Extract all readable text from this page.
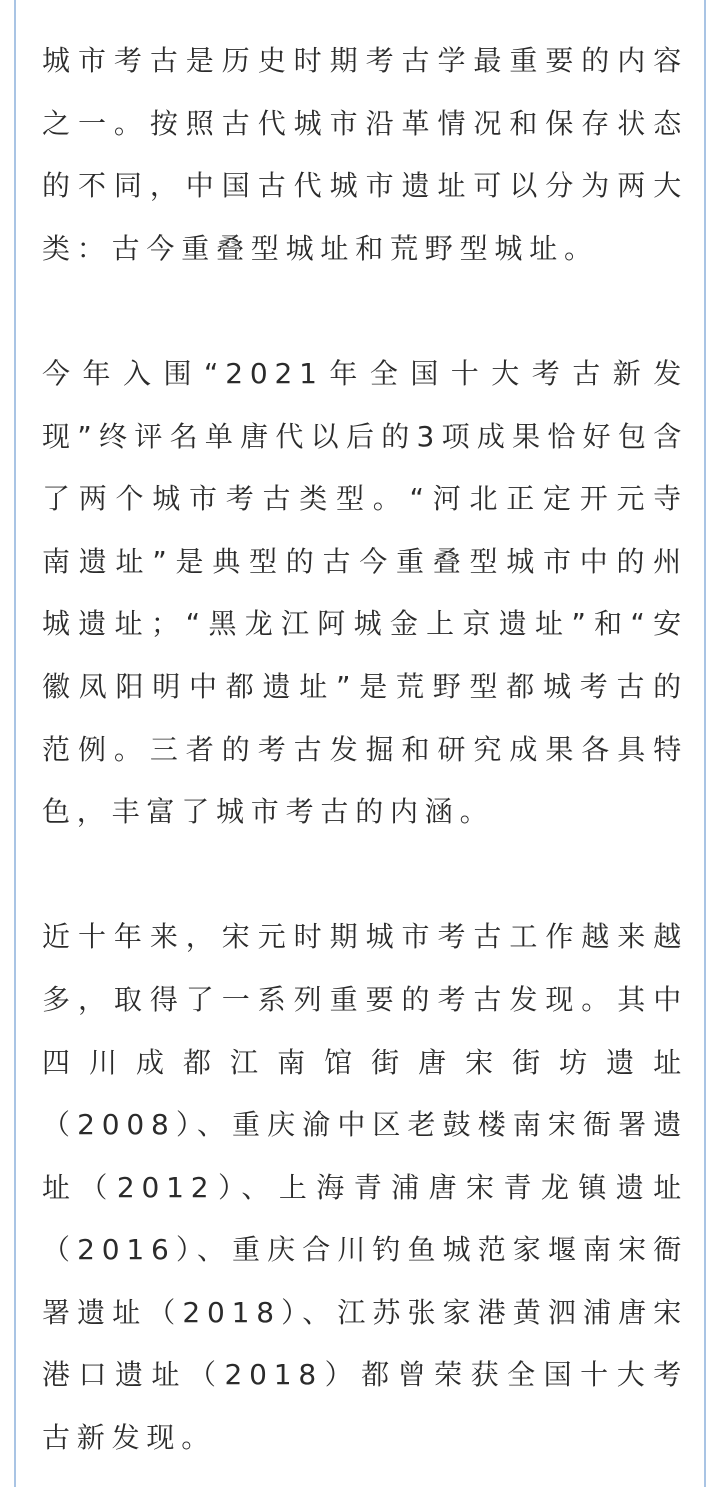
城市考古是历史时期考古学最重要的内容之一。按照古代城市沿革情况和保存状态的不同，中国古代城市遗址可以分为两大类：古今重叠型城址和荒野型城址。

今年入围“2021年全国十大考古新发现”终评名单唐代以后的3项成果恰好包含了两个城市考古类型。“河北正定开元寺南遗址”是典型的古今重叠型城市中的州城遗址；“黑龙江阿城金上京遗址”和“安徽凤阳明中都遗址”是荒野型都城考古的范例。三者的考古发掘和研究成果各具特色，丰富了城市考古的内涵。

近十年来，宋元时期城市考古工作越来越多，取得了一系列重要的考古发现。其中四川成都江南馆街唐宋街坊遗址（2008）、重庆渝中区老鼓楼南宋衙署遗址（2012）、上海青浦唐宋青龙镇遗址（2016）、重庆合川钓鱼城范家堰南宋衙署遗址（2018）、江苏张家港黄泗浦唐宋港口遗址（2018）都曾荣获全国十大考古新发现。
